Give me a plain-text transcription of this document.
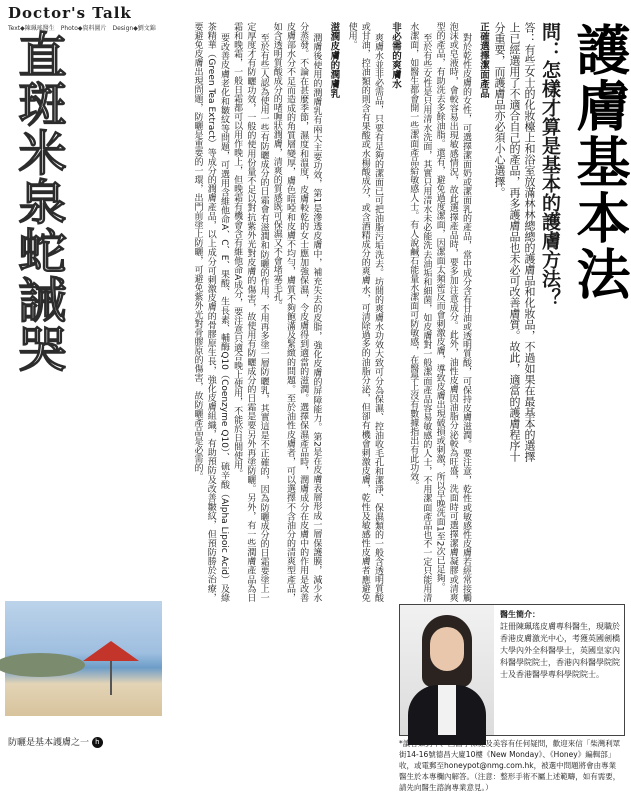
Doctor's Talk
Text◆陳珮瑤醫生　Photo◆資料圖片　Design◆劉文錦	護膚基本法
直斑米泉蛇誡哭	問：怎樣才算是基本的護膚方法？
答：有些女士的化妝檯上和浴室放滿林林總總的護膚品和化妝品，不過如果在最基本的選擇上已經選用了不適合自己的產品，再多護膚品也未必可改善膚質。故此，適當的護膚程序十分重要，而護膚品亦必須小心選擇。
正確選擇潔面產品

對於乾性皮膚的女性，可選擇潔面奶或潔面乳的產品，當中成分含有甘油或透明質酸，可保持皮膚滋潤。要注意，乾性或敏感性皮膚若經常接觸泡沫或皂液時，會較容易出現敏感情況，故此選擇產品時，要多加注意成分。此外，油性皮膚因油脂分泌較為旺盛，洗面時可選擇潔膚凝膠或清爽型的產品，有助洗去多餘油脂。還有，避免過度潔面，因潔面太頻密反而會刺激皮膚，導致皮膚出現破損或刺激，所以早晚洗面1至2次已足夠。

至於有些女性是只用清水洗面，其實只用清水未必能洗去油垢和細菌，如皮膚對一般潔面產品容易敏感的人士，不用潔面產品也不一定只能用清水潔面，如醫生都會開一些潔面產品給敏感人士。有人說鹹石能量水潔面可防敏感，在醫學上沒有數據指出有此功效。

非必需的爽膚水

爽膚水並非必需品，只要有足夠的潔面已可把油脂污垢洗去。坊間的爽膚水功效大致可分為保濕、控油收毛孔和潔淨、保濕類的一般含透明質酸或甘油，控油類的則含有果酸或水楊酸成分，或含酒精成分的爽膚水，可清除過多的油脂分泌，但卻有機會刺激皮膚，乾性及敏感性皮膚者應避免使用。

滋潤皮膚的潤膚乳

潤膚後使用的潤膚乳有兩大主要功效，第1是滲透皮膚中，補充失去的皮脂，強化皮膚的屏障能力。第2是在皮膚表層形成一層保護膜，減少水分蒸發。不論在甚麼季節，濕度和溫度，皮膚較乾的女士應加強保濕，令皮膚得到適當的滋潤。選擇保濕產品時，潤膚成分在皮膚中的作用是改善皮膚部水分不足而造成的角質層變厚，膚色暗啞和皮膚不均勻，膚質不夠飽滿及緊緻的問題。至於油性皮膚者，可以選擇不含油分的清爽型產品，如含透明質酸成分的啫喱狀潤膚，清爽的質感既可保濕又不會堵塞毛孔。

至於有些人認為使用一些有防曬成分的日霜會有滋潤和防曬的作用，不用再多塗一層防曬乳，其實這是不正確的，因為防曬成分的日霜要塗上一定厚度才有防曬功效，一般的使用份量不足以對抗紫外光對皮膚的傷害，故使用有防曬成分的日霜是要另外再塗防曬。另外，有一些潤膚產品為日霜和晚霜，一般日霜都可以用作晚上，但晚霜有機會含有維他命A成分，要注意只適合晚上使用，不能於日間使用。

要改善皮膚老化和皺紋等問題，可選用含維他命A、C、E、果酸、生長素、輔酶Q10（Coenzyme Q10）、硫辛酸（Alpha Lipoic Acid）及綠茶精華（Green Tea Extract）等成分的潤膚產品，以上成分可刺激皮膚的骨膠原生長，強化皮膚組織，有助預防及改善皺紋，但預防勝於治療，要避免皮膚出現問題，防曬是重要的一環，出門前塗上防曬，可避免紫外光對骨膠原的傷害，故防曬產品是必需的。

防曬是基本護膚之一 h
醫生簡介：
註冊陳珮瑤皮膚專科醫生，現職於香港皮膚激光中心，考獲英國劍橋大學內外全科醫學士，英國皇家內科醫學院院士，香港內科醫學院院士及香港醫學專科學院院士。
*讀者如對中、西醫學保健及美容有任何疑問，歡迎來信「柴灣利眾街14-16號德昌大廈10樓《New Monday》、《Honey》編輯部」收，或電郵至honeypot@nmg.com.hk，被選中問題將會由專業醫生於本專欄內解答。（注意：整形手術不屬上述範疇，如有需要，請先向醫生諮詢專業意見。）
